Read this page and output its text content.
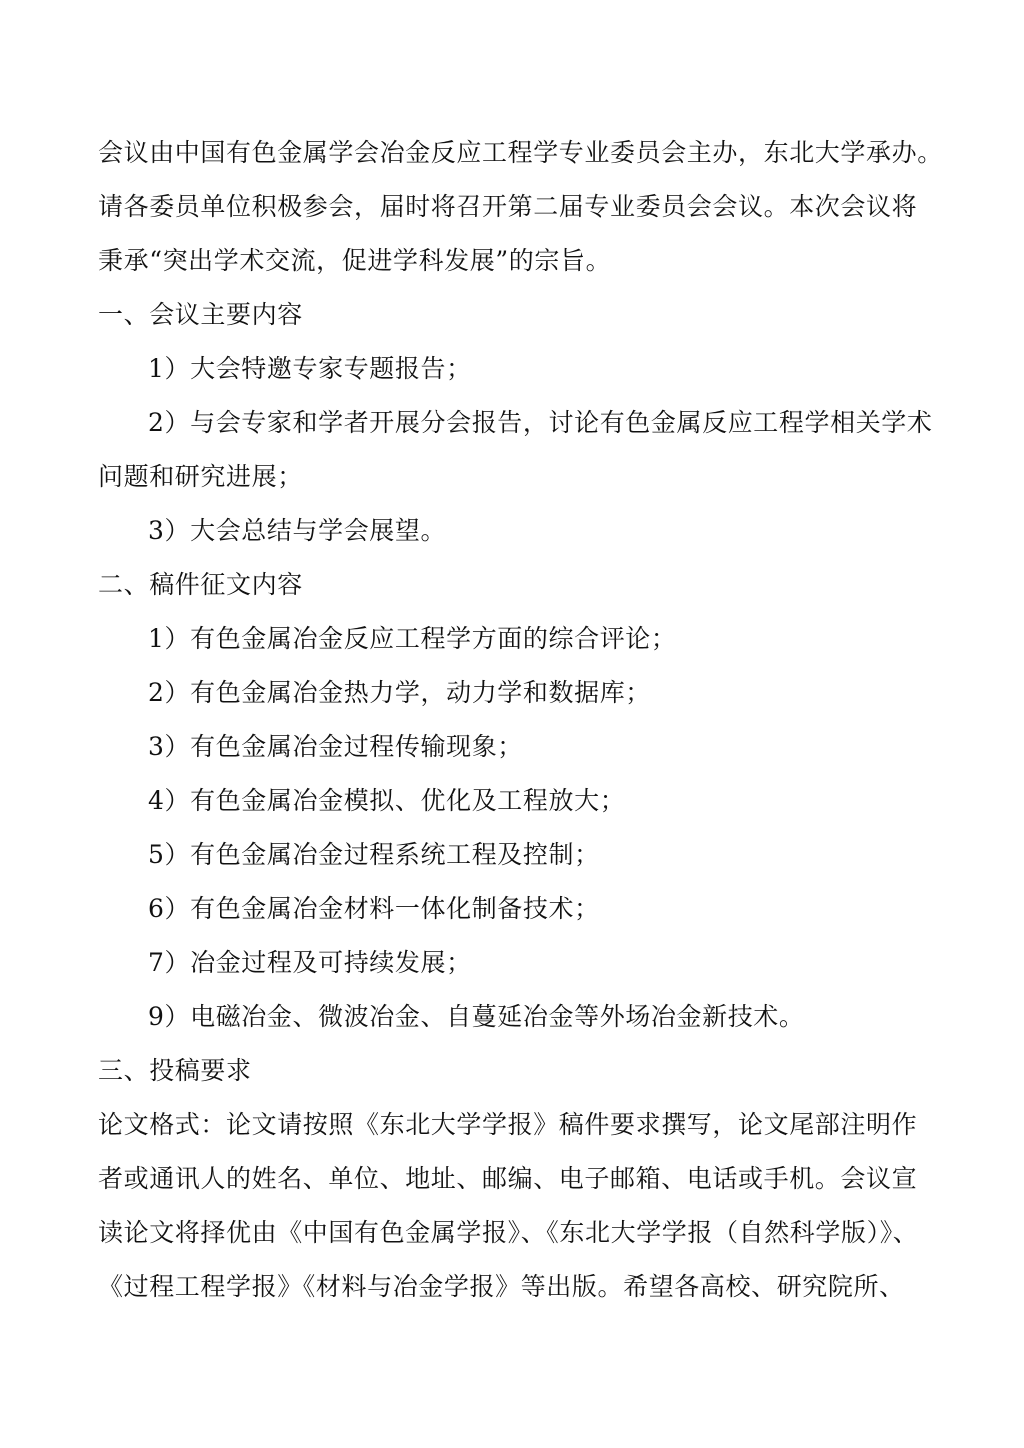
会议由中国有色金属学会冶金反应工程学专业委员会主办，东北大学承办。
请各委员单位积极参会，届时将召开第二届专业委员会会议。本次会议将
秉承“突出学术交流，促进学科发展”的宗旨。
一、会议主要内容
1）大会特邀专家专题报告；
2）与会专家和学者开展分会报告，讨论有色金属反应工程学相关学术
问题和研究进展；
3）大会总结与学会展望。
二、稿件征文内容
1）有色金属冶金反应工程学方面的综合评论；
2）有色金属冶金热力学，动力学和数据库；
3）有色金属冶金过程传输现象；
4）有色金属冶金模拟、优化及工程放大；
5）有色金属冶金过程系统工程及控制；
6）有色金属冶金材料一体化制备技术；
7）冶金过程及可持续发展；
9）电磁冶金、微波冶金、自蔓延冶金等外场冶金新技术。
三、投稿要求
论文格式：论文请按照《东北大学学报》稿件要求撰写，论文尾部注明作
者或通讯人的姓名、单位、地址、邮编、电子邮箱、电话或手机。会议宣
读论文将择优由《中国有色金属学报》、《东北大学学报（自然科学版）》、
《过程工程学报》《材料与冶金学报》等出版。希望各高校、研究院所、
